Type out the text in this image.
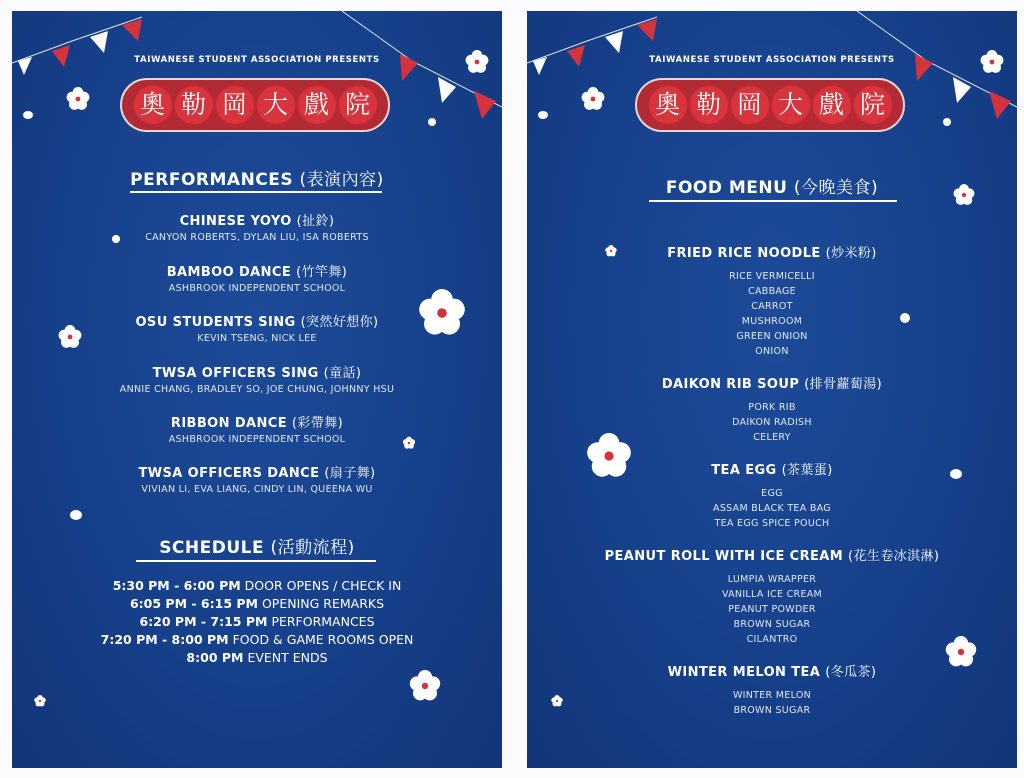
TAIWANESE STUDENT ASSOCIATION PRESENTS
奧 勒 岡 大 戲 院
PERFORMANCES (表演內容)
CHINESE YOYO (扯鈴)
CANYON ROBERTS, DYLAN LIU, ISA ROBERTS
BAMBOO DANCE (竹竿舞)
ASHBROOK INDEPENDENT SCHOOL
OSU STUDENTS SING (突然好想你)
KEVIN TSENG, NICK LEE
TWSA OFFICERS SING (童話)
ANNIE CHANG, BRADLEY SO, JOE CHUNG, JOHNNY HSU
RIBBON DANCE (彩帶舞)
ASHBROOK INDEPENDENT SCHOOL
TWSA OFFICERS DANCE (扇子舞)
VIVIAN LI, EVA LIANG, CINDY LIN, QUEENA WU
SCHEDULE (活動流程)
5:30 PM - 6:00 PM DOOR OPENS / CHECK IN
6:05 PM - 6:15 PM OPENING REMARKS
6:20 PM - 7:15 PM PERFORMANCES
7:20 PM - 8:00 PM FOOD & GAME ROOMS OPEN
8:00 PM EVENT ENDS
TAIWANESE STUDENT ASSOCIATION PRESENTS
奧 勒 岡 大 戲 院
FOOD MENU (今晚美食)
FRIED RICE NOODLE (炒米粉)
RICE VERMICELLI
CABBAGE
CARROT
MUSHROOM
GREEN ONION
ONION
DAIKON RIB SOUP (排骨蘿蔔湯)
PORK RIB
DAIKON RADISH
CELERY
TEA EGG (茶葉蛋)
EGG
ASSAM BLACK TEA BAG
TEA EGG SPICE POUCH
PEANUT ROLL WITH ICE CREAM (花生卷冰淇淋)
LUMPIA WRAPPER
VANILLA ICE CREAM
PEANUT POWDER
BROWN SUGAR
CILANTRO
WINTER MELON TEA (冬瓜茶)
WINTER MELON
BROWN SUGAR
